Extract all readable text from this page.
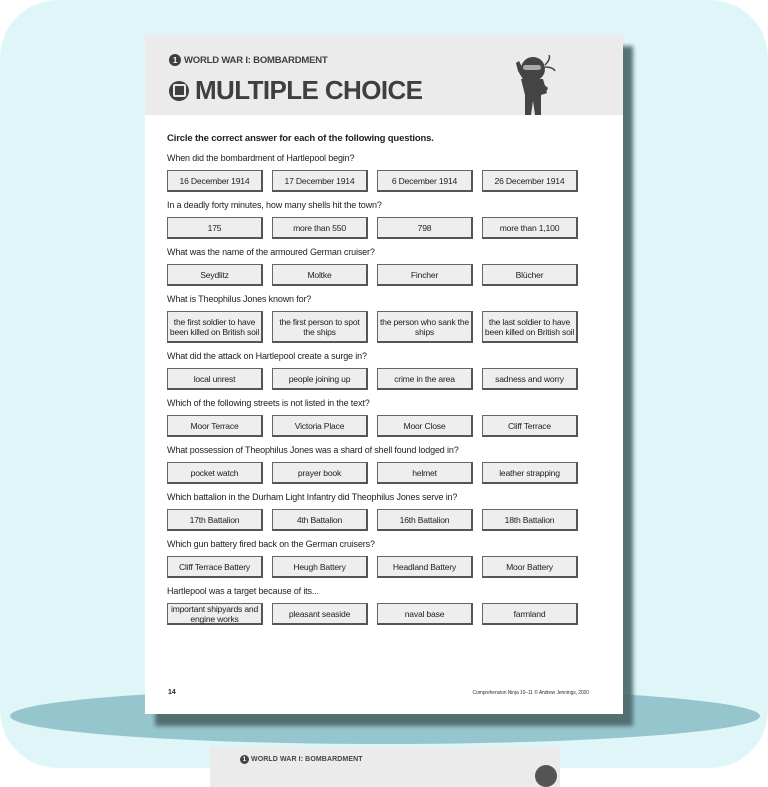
1 WORLD WAR I: BOMBARDMENT
1 WORLD WAR I: BOMBARDMENT
MULTIPLE CHOICE
Circle the correct answer for each of the following questions.
When did the bombardment of Hartlepool begin?
16 December 1914	17 December 1914	6 December 1914	26 December 1914
In a deadly forty minutes, how many shells hit the town?
175	more than 550	798	more than 1,100
What was the name of the armoured German cruiser?
Seydlitz	Moltke	Fincher	Blücher
What is Theophilus Jones known for?
the first soldier to have been killed on British soil
the first person to spot the ships
the person who sank the ships
the last soldier to have been killed on British soil
What did the attack on Hartlepool create a surge in?
local unrest	people joining up	crime in the area	sadness and worry
Which of the following streets is not listed in the text?
Moor Terrace	Victoria Place	Moor Close	Cliff Terrace
What possession of Theophilus Jones was a shard of shell found lodged in?
pocket watch	prayer book	helmet	leather strapping
Which battalion in the Durham Light Infantry did Theophilus Jones serve in?
17th Battalion	4th Battalion	16th Battalion	18th Battalion
Which gun battery fired back on the German cruisers?
Cliff Terrace Battery	Heugh Battery	Headland Battery	Moor Battery
Hartlepool was a target because of its...
important shipyards and engine works	pleasant seaside	naval base	farmland
14	Comprehension Ninja 10–11 © Andrew Jennings, 2020
